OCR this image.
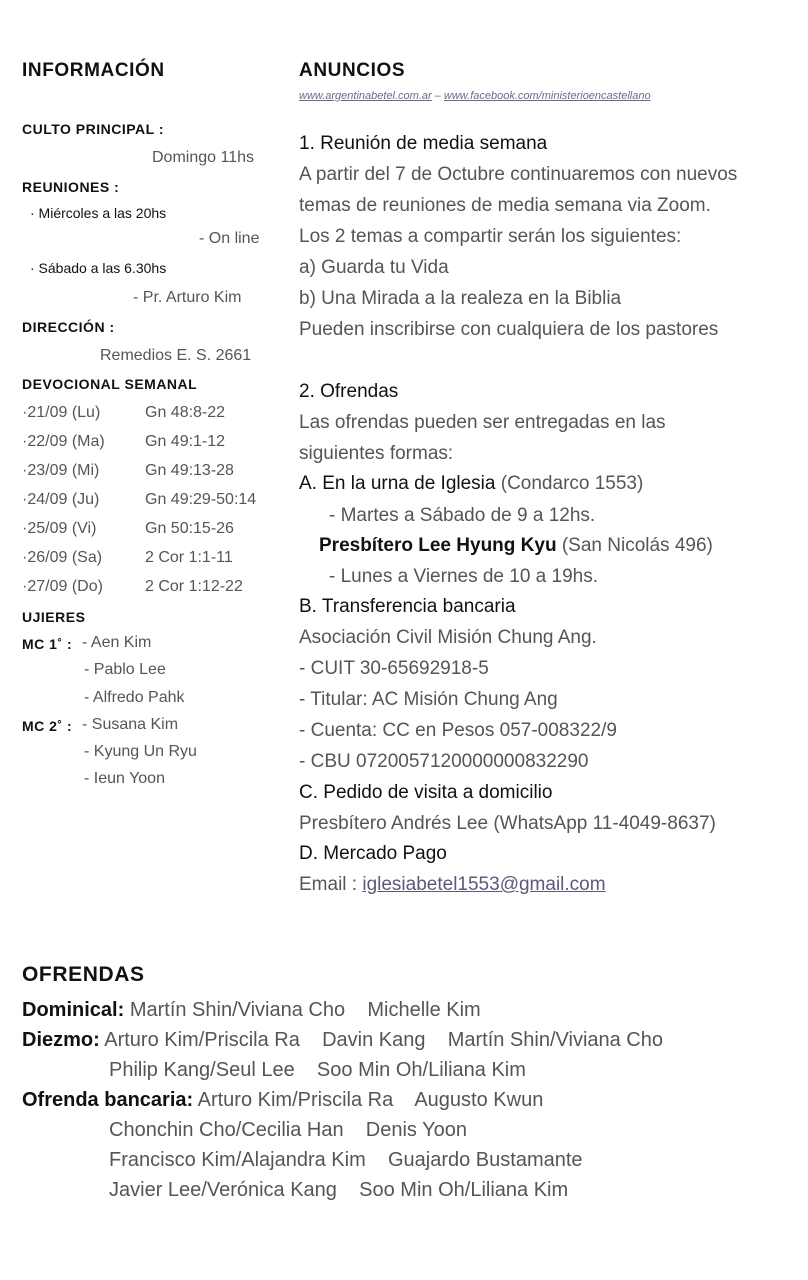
INFORMACIÓN
CULTO PRINCIPAL :
Domingo 11hs
REUNIONES :
· Miércoles a las 20hs
- On line
· Sábado a las 6.30hs
- Pr. Arturo Kim
DIRECCIÓN :
Remedios E. S. 2661
DEVOCIONAL SEMANAL
·21/09 (Lu)	Gn 48:8-22
·22/09 (Ma)	Gn 49:1-12
·23/09 (Mi)	Gn 49:13-28
·24/09 (Ju)	Gn 49:29-50:14
·25/09 (Vi)	Gn 50:15-26
·26/09 (Sa)	2 Cor 1:1-11
·27/09 (Do)	2 Cor 1:12-22
UJIERES
MC 1˚ : - Aen Kim
- Pablo Lee
- Alfredo Pahk
MC 2˚ : - Susana Kim
- Kyung Un Ryu
- Ieun Yoon
ANUNCIOS
www.argentinabetel.com.ar – www.facebook.com/ministerioencastellano
1. Reunión de media semana
A partir del 7 de Octubre continuaremos con nuevos
temas de reuniones de media semana via Zoom.
Los 2 temas a compartir serán los siguientes:
a) Guarda tu Vida
b) Una Mirada a la realeza en la Biblia
Pueden inscribirse con cualquiera de los pastores
2. Ofrendas
Las ofrendas pueden ser entregadas en las
siguientes formas:
A. En la urna de Iglesia (Condarco 1553)
- Martes a Sábado de 9 a 12hs.
Presbítero Lee Hyung Kyu (San Nicolás 496)
- Lunes a Viernes de 10 a 19hs.
B. Transferencia bancaria
Asociación Civil Misión Chung Ang.
- CUIT 30-65692918-5
- Titular: AC Misión Chung Ang
- Cuenta: CC en Pesos 057-008322/9
- CBU 0720057120000000832290
C. Pedido de visita a domicilio
Presbítero Andrés Lee (WhatsApp 11-4049-8637)
D. Mercado Pago
Email : iglesiabetel1553@gmail.com
OFRENDAS
Dominical: Martín Shin/Viviana Cho    Michelle Kim
Diezmo: Arturo Kim/Priscila Ra    Davin Kang    Martín Shin/Viviana Cho
Philip Kang/Seul Lee    Soo Min Oh/Liliana Kim
Ofrenda bancaria: Arturo Kim/Priscila Ra    Augusto Kwun
Chonchin Cho/Cecilia Han    Denis Yoon
Francisco Kim/Alajandra Kim    Guajardo Bustamante
Javier Lee/Verónica Kang    Soo Min Oh/Liliana Kim
